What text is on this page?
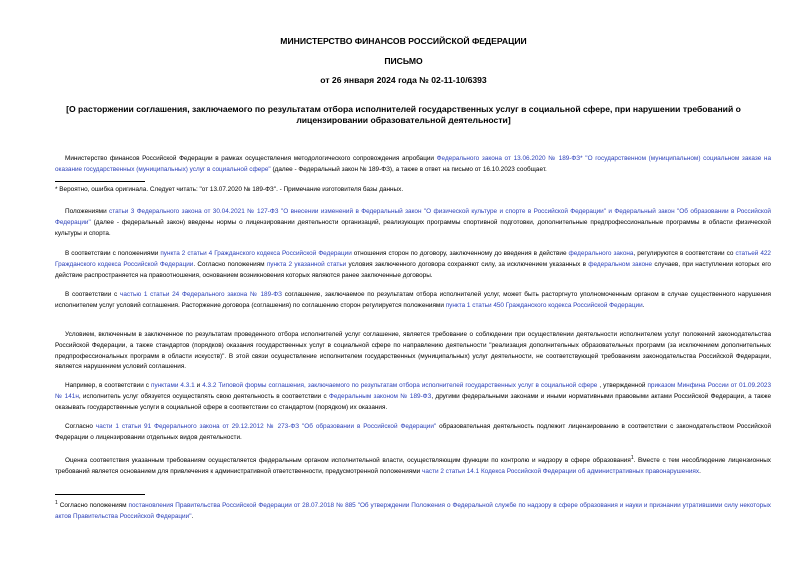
МИНИСТЕРСТВО ФИНАНСОВ РОССИЙСКОЙ ФЕДЕРАЦИИ
ПИСЬМО
от 26 января 2024 года № 02-11-10/6393
[О расторжении соглашения, заключаемого по результатам отбора исполнителей государственных услуг в социальной сфере, при нарушении требований о лицензировании образовательной деятельности]
Министерство финансов Российской Федерации в рамках осуществления методологического сопровождения апробации Федерального закона от 13.06.2020 № 189-ФЗ* "О государственном (муниципальном) социальном заказе на оказание государственных (муниципальных) услуг в социальной сфере" (далее - Федеральный закон № 189-ФЗ), а также в ответ на письмо от 16.10.2023 сообщает.
* Вероятно, ошибка оригинала. Следует читать: "от 13.07.2020 № 189-ФЗ". - Примечание изготовителя базы данных.
Положениями статьи 3 Федерального закона от 30.04.2021 № 127-ФЗ "О внесении изменений в Федеральный закон "О физической культуре и спорте в Российской Федерации" и Федеральный закон "Об образовании в Российской Федерации" (далее - федеральный закон) введены нормы о лицензировании деятельности организаций, реализующих программы спортивной подготовки, дополнительные предпрофессиональные программы в области физической культуры и спорта.
В соответствии с положениями пункта 2 статьи 4 Гражданского кодекса Российской Федерации отношения сторон по договору, заключенному до введения в действие федерального закона, регулируются в соответствии со статьей 422 Гражданского кодекса Российской Федерации. Согласно положениям пункта 2 указанной статьи условия заключенного договора сохраняют силу, за исключением указанных в федеральном законе случаев, при наступлении которых его действие распространяется на правоотношения, основанием возникновения которых являются ранее заключенные договоры.
В соответствии с частью 1 статьи 24 Федерального закона № 189-ФЗ соглашение, заключаемое по результатам отбора исполнителей услуг, может быть расторгнуто уполномоченным органом в случае существенного нарушения исполнителем услуг условий соглашения. Расторжение договора (соглашения) по соглашению сторон регулируется положениями пункта 1 статьи 450 Гражданского кодекса Российской Федерации.
Условием, включенным в заключенное по результатам проведенного отбора исполнителей услуг соглашение, является требование о соблюдении при осуществлении деятельности исполнителем услуг положений законодательства Российской Федерации, а также стандартов (порядков) оказания государственных услуг в социальной сфере по направлению деятельности "реализация дополнительных образовательных программ (за исключением дополнительных предпрофессиональных программ в области искусств)". В этой связи осуществление исполнителем государственных (муниципальных) услуг деятельности, не соответствующей требованиям законодательства Российской Федерации, является нарушением условий соглашения.
Например, в соответствии с пунктами 4.3.1 и 4.3.2 Типовой формы соглашения, заключаемого по результатам отбора исполнителей государственных услуг в социальной сфере , утвержденной приказом Минфина России от 01.09.2023 № 141н, исполнитель услуг обязуется осуществлять свою деятельность в соответствии с Федеральным законом № 189-ФЗ, другими федеральными законами и иными нормативными правовыми актами Российской Федерации, а также оказывать государственные услуги в социальной сфере в соответствии со стандартом (порядком) их оказания.
Согласно части 1 статьи 91 Федерального закона от 29.12.2012 № 273-ФЗ "Об образовании в Российской Федерации" образовательная деятельность подлежит лицензированию в соответствии с законодательством Российской Федерации о лицензировании отдельных видов деятельности.
Оценка соответствия указанным требованиям осуществляется федеральным органом исполнительной власти, осуществляющим функции по контролю и надзору в сфере образования$^1$. Вместе с тем несоблюдение лицензионных требований является основанием для привлечения к административной ответственности, предусмотренной положениями части 2 статьи 14.1 Кодекса Российской Федерации об административных правонарушениях.
$^1$ Согласно положениям постановления Правительства Российской Федерации от 28.07.2018 № 885 "Об утверждении Положения о Федеральной службе по надзору в сфере образования и науки и признании утратившими силу некоторых актов Правительства Российской Федерации".
